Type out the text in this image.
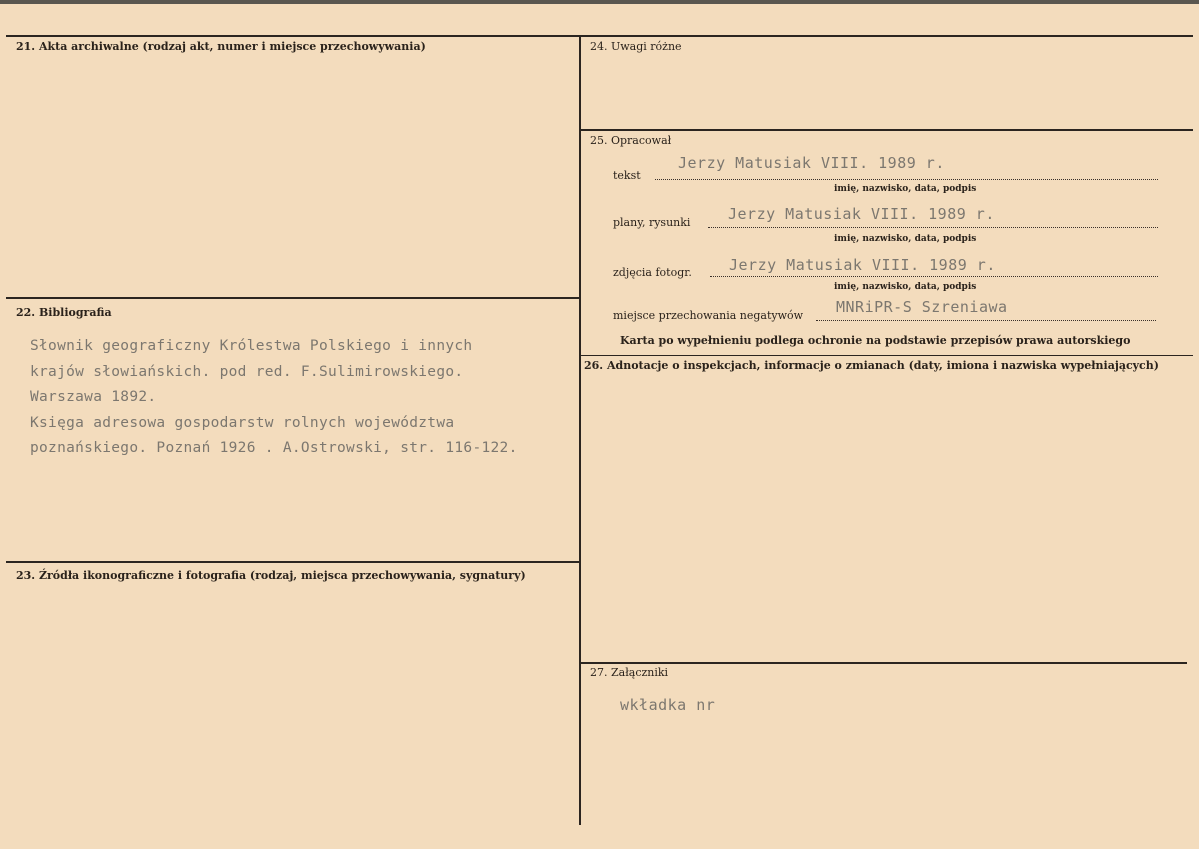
21. Akta archiwalne (rodzaj akt, numer i miejsce przechowywania)
22. Bibliografia
Słownik geograficzny Królestwa Polskiego i innych
krajów słowiańskich. pod red. F.Sulimirowskiego.
Warszawa 1892.
Księga adresowa gospodarstw rolnych województwa
poznańskiego. Poznań 1926 . A.Ostrowski, str. 116-122.
23. Źródła ikonograficzne i fotografia (rodzaj, miejsca przechowywania, sygnatury)
24. Uwagi różne
25. Opracował
tekst
Jerzy Matusiak VIII. 1989 r.
imię, nazwisko, data, podpis
plany, rysunki	Jerzy Matusiak VIII. 1989 r.
imię, nazwisko, data, podpis
zdjęcia fotogr. Jerzy Matusiak VIII. 1989 r.
imię, nazwisko, data, podpis
miejsce przechowania negatywów MNRiPR-S Szreniawa
Karta po wypełnieniu podlega ochronie na podstawie przepisów prawa autorskiego
26. Adnotacje o inspekcjach, informacje o zmianach (daty, imiona i nazwiska wypełniających)
27. Załączniki
wkładka nr
